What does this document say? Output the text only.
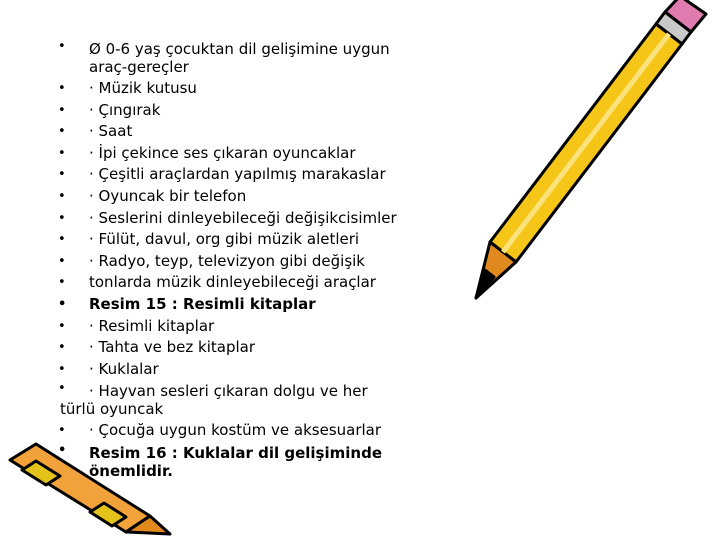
• Ø 0-6 yaş çocuktan dil gelişimine uygun
araç-gereçler
• · Müzik kutusu
• · Çıngırak
• · Saat
• · İpi çekince ses çıkaran oyuncaklar
• · Çeşitli araçlardan yapılmış marakaslar
• · Oyuncak bir telefon
• · Seslerini dinleyebileceği değişikcisimler
• · Fülüt, davul, org gibi müzik aletleri
• · Radyo, teyp, televizyon gibi değişik
• tonlarda müzik dinleyebileceği araçlar
• Resim 15 : Resimli kitaplar
• · Resimli kitaplar
• · Tahta ve bez kitaplar
• · Kuklalar
• · Hayvan sesleri çıkaran dolgu ve her
türlü oyuncak
• · Çocuğa uygun kostüm ve aksesuarlar
• Resim 16 : Kuklalar dil gelişiminde
önemlidir.
